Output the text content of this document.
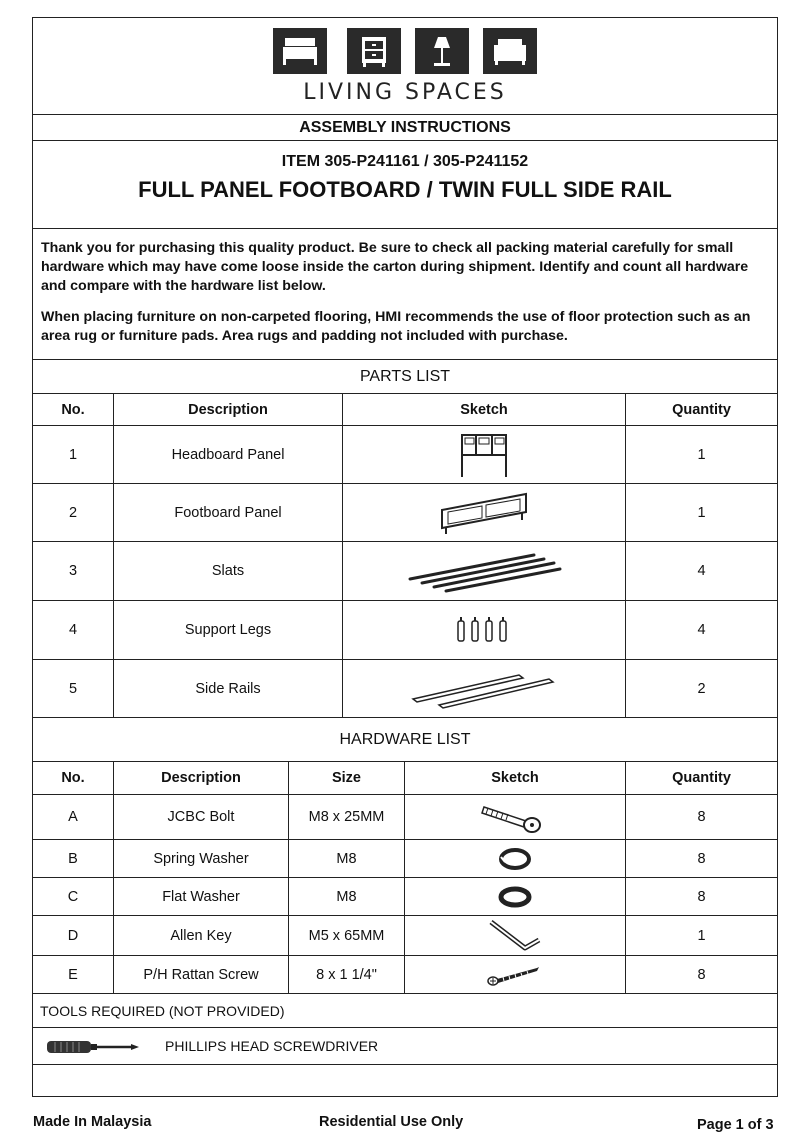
LIVING SPACES
ASSEMBLY INSTRUCTIONS
ITEM 305-P241161 / 305-P241152
FULL PANEL FOOTBOARD / TWIN FULL SIDE RAIL

Thank you for purchasing this quality product. Be sure to check all packing material carefully for small hardware which may have come loose inside the carton during shipment. Identify and count all hardware and compare with the hardware list below.

When placing furniture on non-carpeted flooring, HMI recommends the use of floor protection such as an area rug or furniture pads. Area rugs and padding not included with purchase.

PARTS LIST
No.	Description	Sketch	Quantity
1	Headboard Panel	1
2	Footboard Panel	1
3	Slats	4
4	Support Legs	4
5	Side Rails	2
HARDWARE LIST
No.	Description	Size	Sketch	Quantity
A	JCBC Bolt	M8 x 25MM	8
B	Spring Washer	M8	8
C	Flat Washer	M8	8
D	Allen Key	M5 x 65MM	1
E	P/H Rattan Screw	8 x 1 1/4"	8
TOOLS REQUIRED (NOT PROVIDED)
PHILLIPS HEAD SCREWDRIVER
Made In Malaysia	Residential Use Only	Page 1 of 3
